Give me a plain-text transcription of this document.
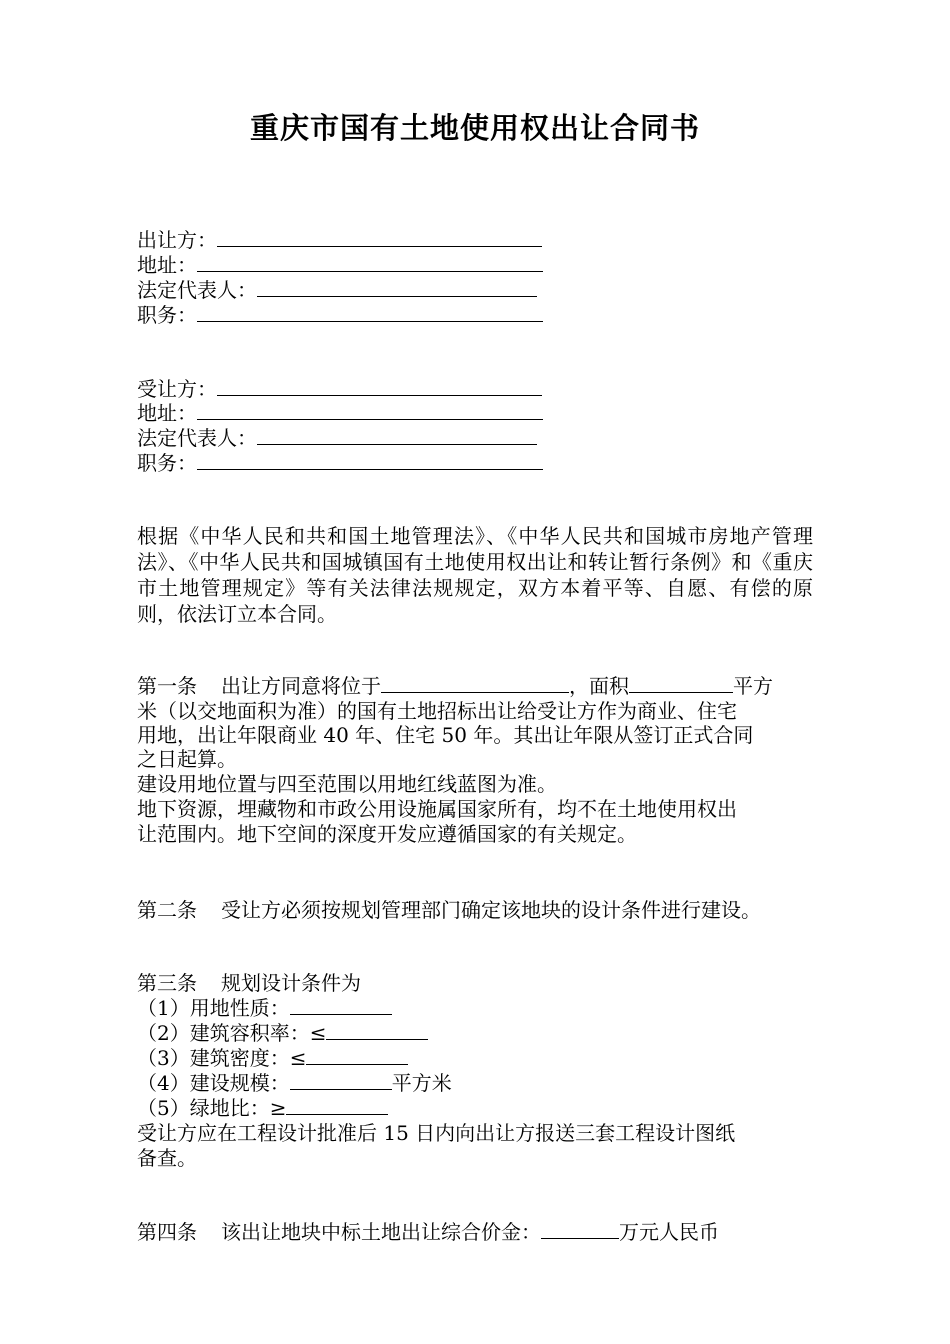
重庆市国有土地使用权出让合同书
出让方：
地址：
法定代表人：
职务：
受让方：
地址：
法定代表人：
职务：
根据《中华人民和共和国土地管理法》、《中华人民共和国城市房地产管理法》、《中华人民共和国城镇国有土地使用权出让和转让暂行条例》和《重庆市土地管理规定》等有关法律法规规定，双方本着平等、自愿、有偿的原则，依法订立本合同。
第一条 出让方同意将位于	，面积	平方
米（以交地面积为准）的国有土地招标出让给受让方作为商业、住宅
用地，出让年限商业 40 年、住宅 50 年。其出让年限从签订正式合同
之日起算。
建设用地位置与四至范围以用地红线蓝图为准。
地下资源，埋藏物和市政公用设施属国家所有，均不在土地使用权出
让范围内。地下空间的深度开发应遵循国家的有关规定。
第二条 受让方必须按规划管理部门确定该地块的设计条件进行建设。
第三条 规划设计条件为
（1）用地性质：
（2）建筑容积率：≤
（3）建筑密度：≤
（4）建设规模：	平方米
（5）绿地比：≥
受让方应在工程设计批准后 15 日内向出让方报送三套工程设计图纸
备查。
第四条 该出让地块中标土地出让综合价金：	万元人民币
